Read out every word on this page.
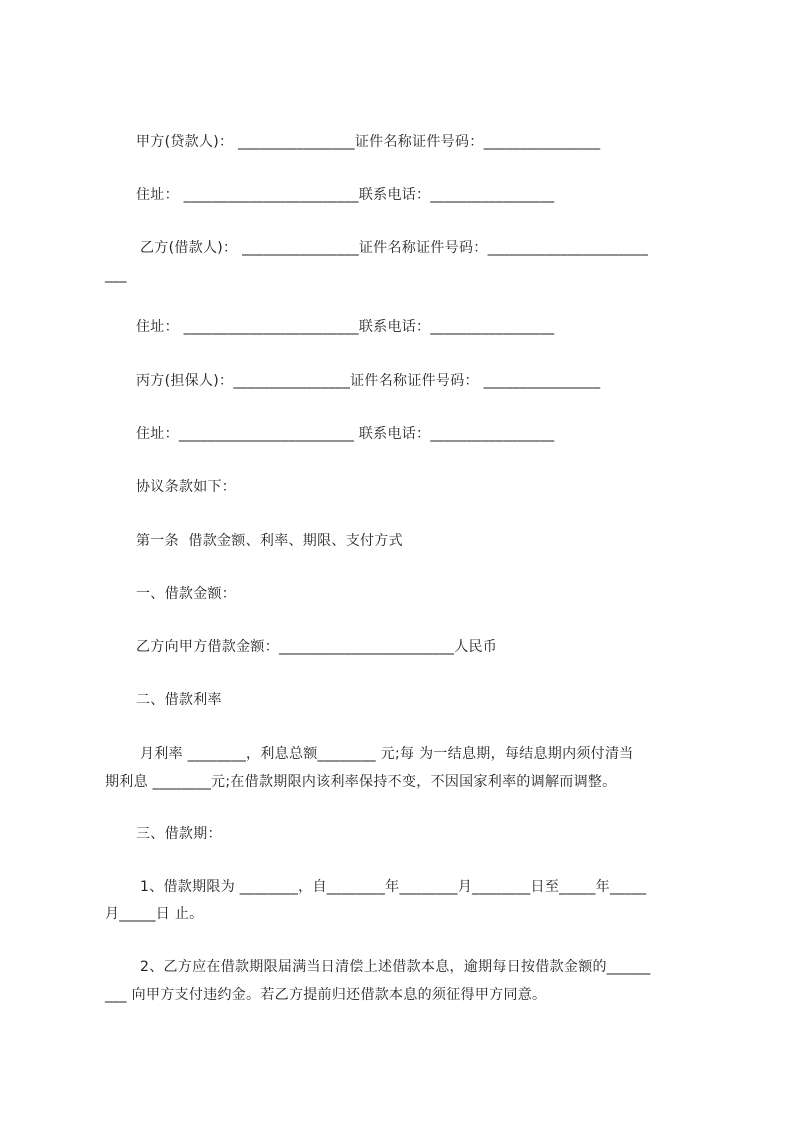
甲方(贷款人)： ________________证件名称证件号码：________________
住址： ________________________联系电话：_________________
乙方(借款人)： ________________证件名称证件号码：______________________
___
住址： ________________________联系电话：_________________
丙方(担保人)：________________证件名称证件号码： ________________
住址：________________________ 联系电话：_________________
协议条款如下：
第一条  借款金额、利率、期限、支付方式
一、借款金额：
乙方向甲方借款金额：________________________人民币
二、借款利率
月利率 ________，利息总额________ 元;每 为一结息期，每结息期内须付清当
期利息 ________元;在借款期限内该利率保持不变，不因国家利率的调解而调整。
三、借款期：
1、借款期限为 ________，自________年________月________日至_____年_____
月_____日 止。
2、乙方应在借款期限届满当日清偿上述借款本息，逾期每日按借款金额的______
___ 向甲方支付违约金。若乙方提前归还借款本息的须征得甲方同意。
